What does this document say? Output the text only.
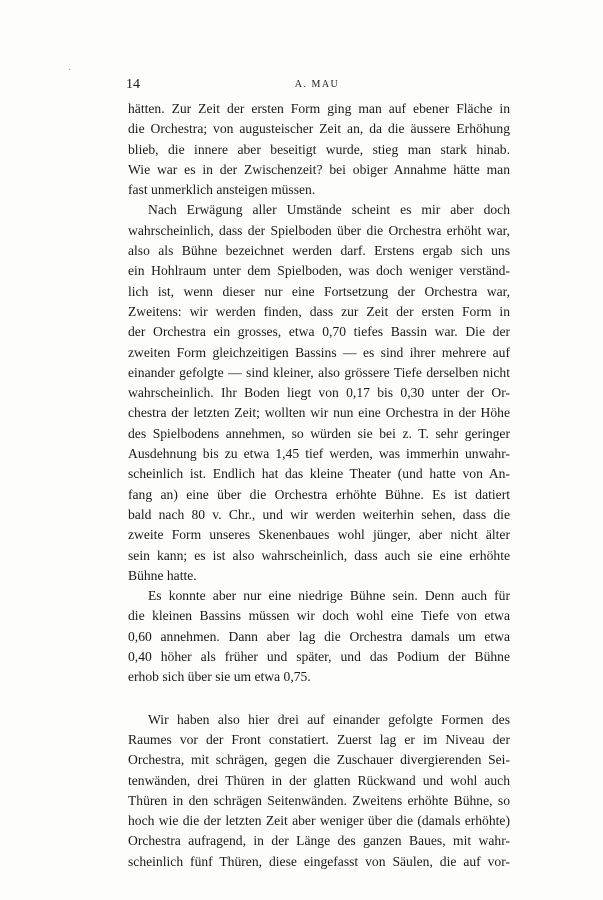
·
14	A. MAU
hätten. Zur Zeit der ersten Form ging man auf ebener Fläche in
die Orchestra; von augusteischer Zeit an, da die äussere Erhöhung
blieb, die innere aber beseitigt wurde, stieg man stark hinab.
Wie war es in der Zwischenzeit? bei obiger Annahme hätte man
fast unmerklich ansteigen müssen.
Nach Erwägung aller Umstände scheint es mir aber doch
wahrscheinlich, dass der Spielboden über die Orchestra erhöht war,
also als Bühne bezeichnet werden darf. Erstens ergab sich uns
ein Hohlraum unter dem Spielboden, was doch weniger verständ-
lich ist, wenn dieser nur eine Fortsetzung der Orchestra war,
Zweitens: wir werden finden, dass zur Zeit der ersten Form in
der Orchestra ein grosses, etwa 0,70 tiefes Bassin war. Die der
zweiten Form gleichzeitigen Bassins — es sind ihrer mehrere auf
einander gefolgte — sind kleiner, also grössere Tiefe derselben nicht
wahrscheinlich. Ihr Boden liegt von 0,17 bis 0,30 unter der Or-
chestra der letzten Zeit; wollten wir nun eine Orchestra in der Höhe
des Spielbodens annehmen, so würden sie bei z. T. sehr geringer
Ausdehnung bis zu etwa 1,45 tief werden, was immerhin unwahr-
scheinlich ist. Endlich hat das kleine Theater (und hatte von An-
fang an) eine über die Orchestra erhöhte Bühne. Es ist datiert
bald nach 80 v. Chr., und wir werden weiterhin sehen, dass die
zweite Form unseres Skenenbaues wohl jünger, aber nicht älter
sein kann; es ist also wahrscheinlich, dass auch sie eine erhöhte
Bühne hatte.
Es konnte aber nur eine niedrige Bühne sein. Denn auch für
die kleinen Bassins müssen wir doch wohl eine Tiefe von etwa
0,60 annehmen. Dann aber lag die Orchestra damals um etwa
0,40 höher als früher und später, und das Podium der Bühne
erhob sich über sie um etwa 0,75.
Wir haben also hier drei auf einander gefolgte Formen des
Raumes vor der Front constatiert. Zuerst lag er im Niveau der
Orchestra, mit schrägen, gegen die Zuschauer divergierenden Sei-
tenwänden, drei Thüren in der glatten Rückwand und wohl auch
Thüren in den schrägen Seitenwänden. Zweitens erhöhte Bühne, so
hoch wie die der letzten Zeit aber weniger über die (damals erhöhte)
Orchestra aufragend, in der Länge des ganzen Baues, mit wahr-
scheinlich fünf Thüren, diese eingefasst von Säulen, die auf vor-
